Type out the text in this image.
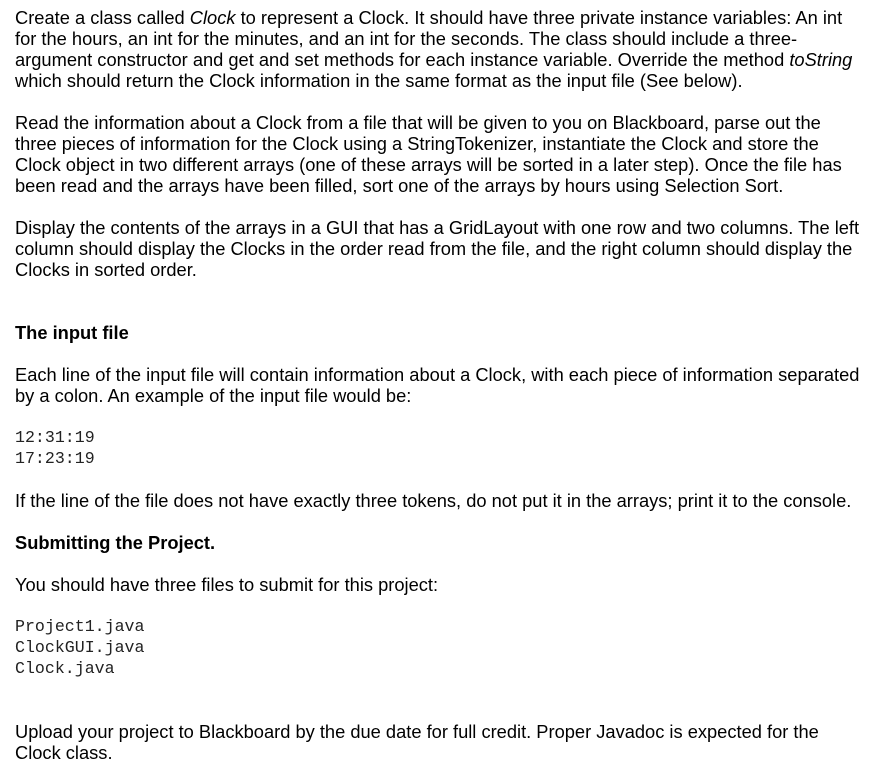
Create a class called Clock to represent a Clock. It should have three private instance variables: An int for the hours, an int for the minutes, and an int for the seconds. The class should include a three-argument constructor and get and set methods for each instance variable. Override the method toString which should return the Clock information in the same format as the input file (See below).

Read the information about a Clock from a file that will be given to you on Blackboard, parse out the three pieces of information for the Clock using a StringTokenizer, instantiate the Clock and store the Clock object in two different arrays (one of these arrays will be sorted in a later step). Once the file has been read and the arrays have been filled, sort one of the arrays by hours using Selection Sort.

Display the contents of the arrays in a GUI that has a GridLayout with one row and two columns. The left column should display the Clocks in the order read from the file, and the right column should display the Clocks in sorted order.

The input file

Each line of the input file will contain information about a Clock, with each piece of information separated by a colon. An example of the input file would be:

12:31:19
17:23:19

If the line of the file does not have exactly three tokens, do not put it in the arrays; print it to the console.

Submitting the Project.

You should have three files to submit for this project:

Project1.java
ClockGUI.java
Clock.java

Upload your project to Blackboard by the due date for full credit. Proper Javadoc is expected for the Clock class.
